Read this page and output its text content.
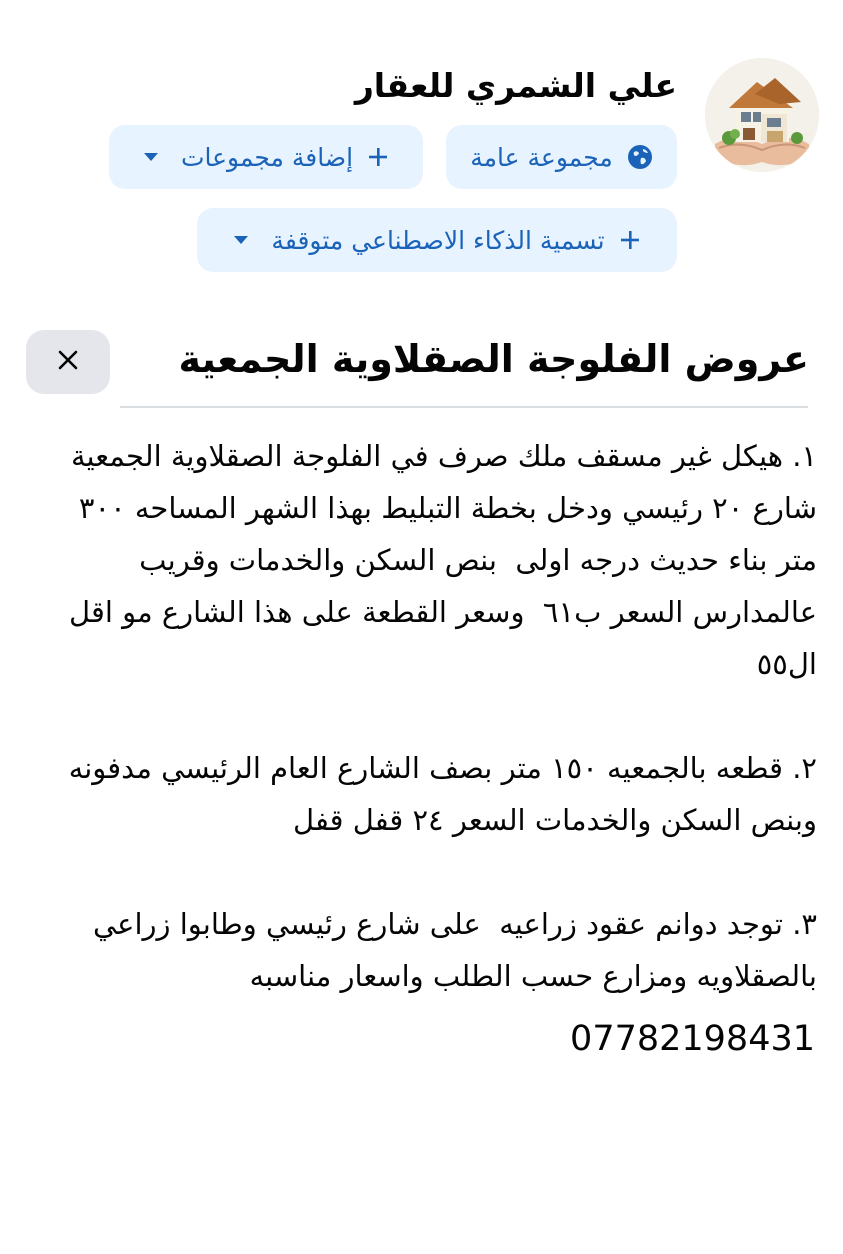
علي الشمري للعقار
مجموعة عامة
إضافة مجموعات
تسمية الذكاء الاصطناعي متوقفة
عروض الفلوجة الصقلاوية الجمعية

١. هيكل غير مسقف ملك صرف في الفلوجة الصقلاوية الجمعية شارع ٢٠ رئيسي ودخل بخطة التبليط بهذا الشهر المساحه ٣٠٠ متر بناء حديث درجه اولى  بنص السكن والخدمات وقريب عالمدارس السعر ب٦١  وسعر القطعة على هذا الشارع مو اقل ال٥٥

٢. قطعه بالجمعيه ١٥٠ متر بصف الشارع العام الرئيسي مدفونه وبنص السكن والخدمات السعر ٢٤ قفل قفل

٣. توجد دوانم عقود زراعيه  على شارع رئيسي وطابوا زراعي بالصقلاويه ومزارع حسب الطلب واسعار مناسبه

07782198431
